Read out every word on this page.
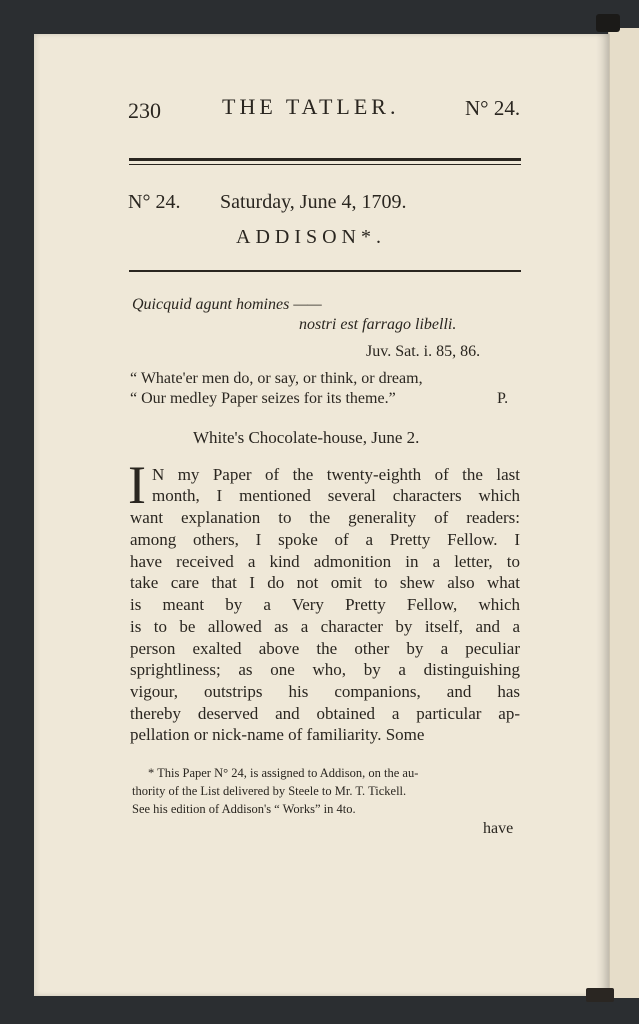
230	THE TATLER.	N° 24.
N° 24. Saturday, June 4, 1709.
ADDISON*.
Quicquid agunt homines ——
nostri est farrago libelli.
Juv. Sat. i. 85, 86.
“ Whate'er men do, or say, or think, or dream,
“ Our medley Paper seizes for its theme.”	P.
White's Chocolate-house, June 2.
I N my Paper of the twenty-eighth of the last
month, I mentioned several characters which
want explanation to the generality of readers:
among others, I spoke of a Pretty Fellow. I
have received a kind admonition in a letter, to
take care that I do not omit to shew also what
is meant by a Very Pretty Fellow, which
is to be allowed as a character by itself, and a
person exalted above the other by a peculiar
sprightliness; as one who, by a distinguishing
vigour, outstrips his companions, and has
thereby deserved and obtained a particular ap-
pellation or nick-name of familiarity. Some
* This Paper N° 24, is assigned to Addison, on the au-
thority of the List delivered by Steele to Mr. T. Tickell.
See his edition of Addison's “ Works” in 4to.
have
